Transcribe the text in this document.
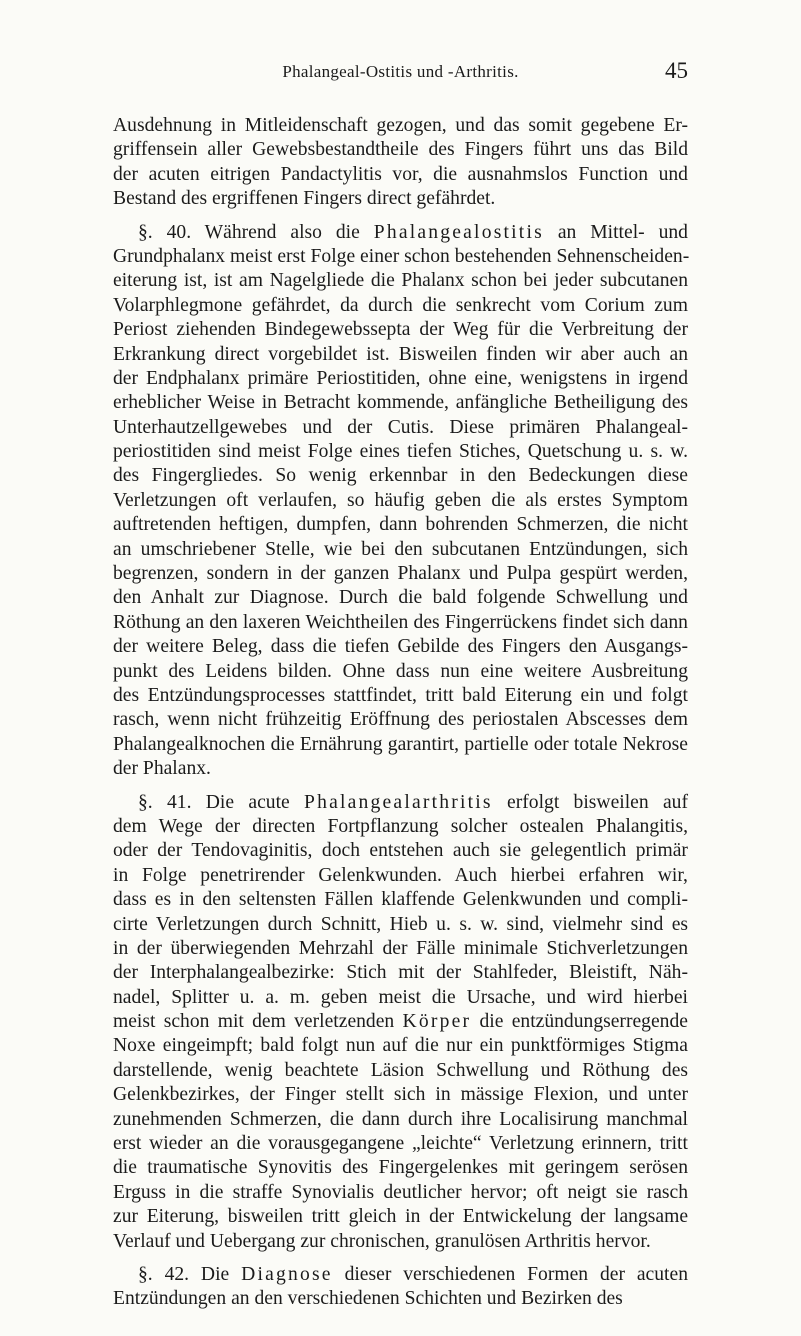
Phalangeal-Ostitis und -Arthritis.	45
Ausdehnung in Mitleidenschaft gezogen, und das somit gegebene Er-
griffensein aller Gewebsbestandtheile des Fingers führt uns das Bild
der acuten eitrigen Pandactylitis vor, die ausnahmslos Function und
Bestand des ergriffenen Fingers direct gefährdet.
§. 40. Während also die Phalangealostitis an Mittel- und
Grundphalanx meist erst Folge einer schon bestehenden Sehnenscheiden-
eiterung ist, ist am Nagelgliede die Phalanx schon bei jeder subcutanen
Volarphlegmone gefährdet, da durch die senkrecht vom Corium zum
Periost ziehenden Bindegewebssepta der Weg für die Verbreitung der
Erkrankung direct vorgebildet ist. Bisweilen finden wir aber auch an
der Endphalanx primäre Periostitiden, ohne eine, wenigstens in irgend
erheblicher Weise in Betracht kommende, anfängliche Betheiligung des
Unterhautzellgewebes und der Cutis. Diese primären Phalangeal-
periostitiden sind meist Folge eines tiefen Stiches, Quetschung u. s. w.
des Fingergliedes. So wenig erkennbar in den Bedeckungen diese
Verletzungen oft verlaufen, so häufig geben die als erstes Symptom
auftretenden heftigen, dumpfen, dann bohrenden Schmerzen, die nicht
an umschriebener Stelle, wie bei den subcutanen Entzündungen, sich
begrenzen, sondern in der ganzen Phalanx und Pulpa gespürt werden,
den Anhalt zur Diagnose. Durch die bald folgende Schwellung und
Röthung an den laxeren Weichtheilen des Fingerrückens findet sich dann
der weitere Beleg, dass die tiefen Gebilde des Fingers den Ausgangs-
punkt des Leidens bilden. Ohne dass nun eine weitere Ausbreitung
des Entzündungsprocesses stattfindet, tritt bald Eiterung ein und folgt
rasch, wenn nicht frühzeitig Eröffnung des periostalen Abscesses dem
Phalangealknochen die Ernährung garantirt, partielle oder totale Nekrose
der Phalanx.
§. 41. Die acute Phalangealarthritis erfolgt bisweilen auf
dem Wege der directen Fortpflanzung solcher ostealen Phalangitis,
oder der Tendovaginitis, doch entstehen auch sie gelegentlich primär
in Folge penetrirender Gelenkwunden. Auch hierbei erfahren wir,
dass es in den seltensten Fällen klaffende Gelenkwunden und compli-
cirte Verletzungen durch Schnitt, Hieb u. s. w. sind, vielmehr sind es
in der überwiegenden Mehrzahl der Fälle minimale Stichverletzungen
der Interphalangealbezirke: Stich mit der Stahlfeder, Bleistift, Näh-
nadel, Splitter u. a. m. geben meist die Ursache, und wird hierbei
meist schon mit dem verletzenden Körper die entzündungserregende
Noxe eingeimpft; bald folgt nun auf die nur ein punktförmiges Stigma
darstellende, wenig beachtete Läsion Schwellung und Röthung des
Gelenkbezirkes, der Finger stellt sich in mässige Flexion, und unter
zunehmenden Schmerzen, die dann durch ihre Localisirung manchmal
erst wieder an die vorausgegangene „leichte“ Verletzung erinnern, tritt
die traumatische Synovitis des Fingergelenkes mit geringem serösen
Erguss in die straffe Synovialis deutlicher hervor; oft neigt sie rasch
zur Eiterung, bisweilen tritt gleich in der Entwickelung der langsame
Verlauf und Uebergang zur chronischen, granulösen Arthritis hervor.
§. 42. Die Diagnose dieser verschiedenen Formen der acuten
Entzündungen an den verschiedenen Schichten und Bezirken des
